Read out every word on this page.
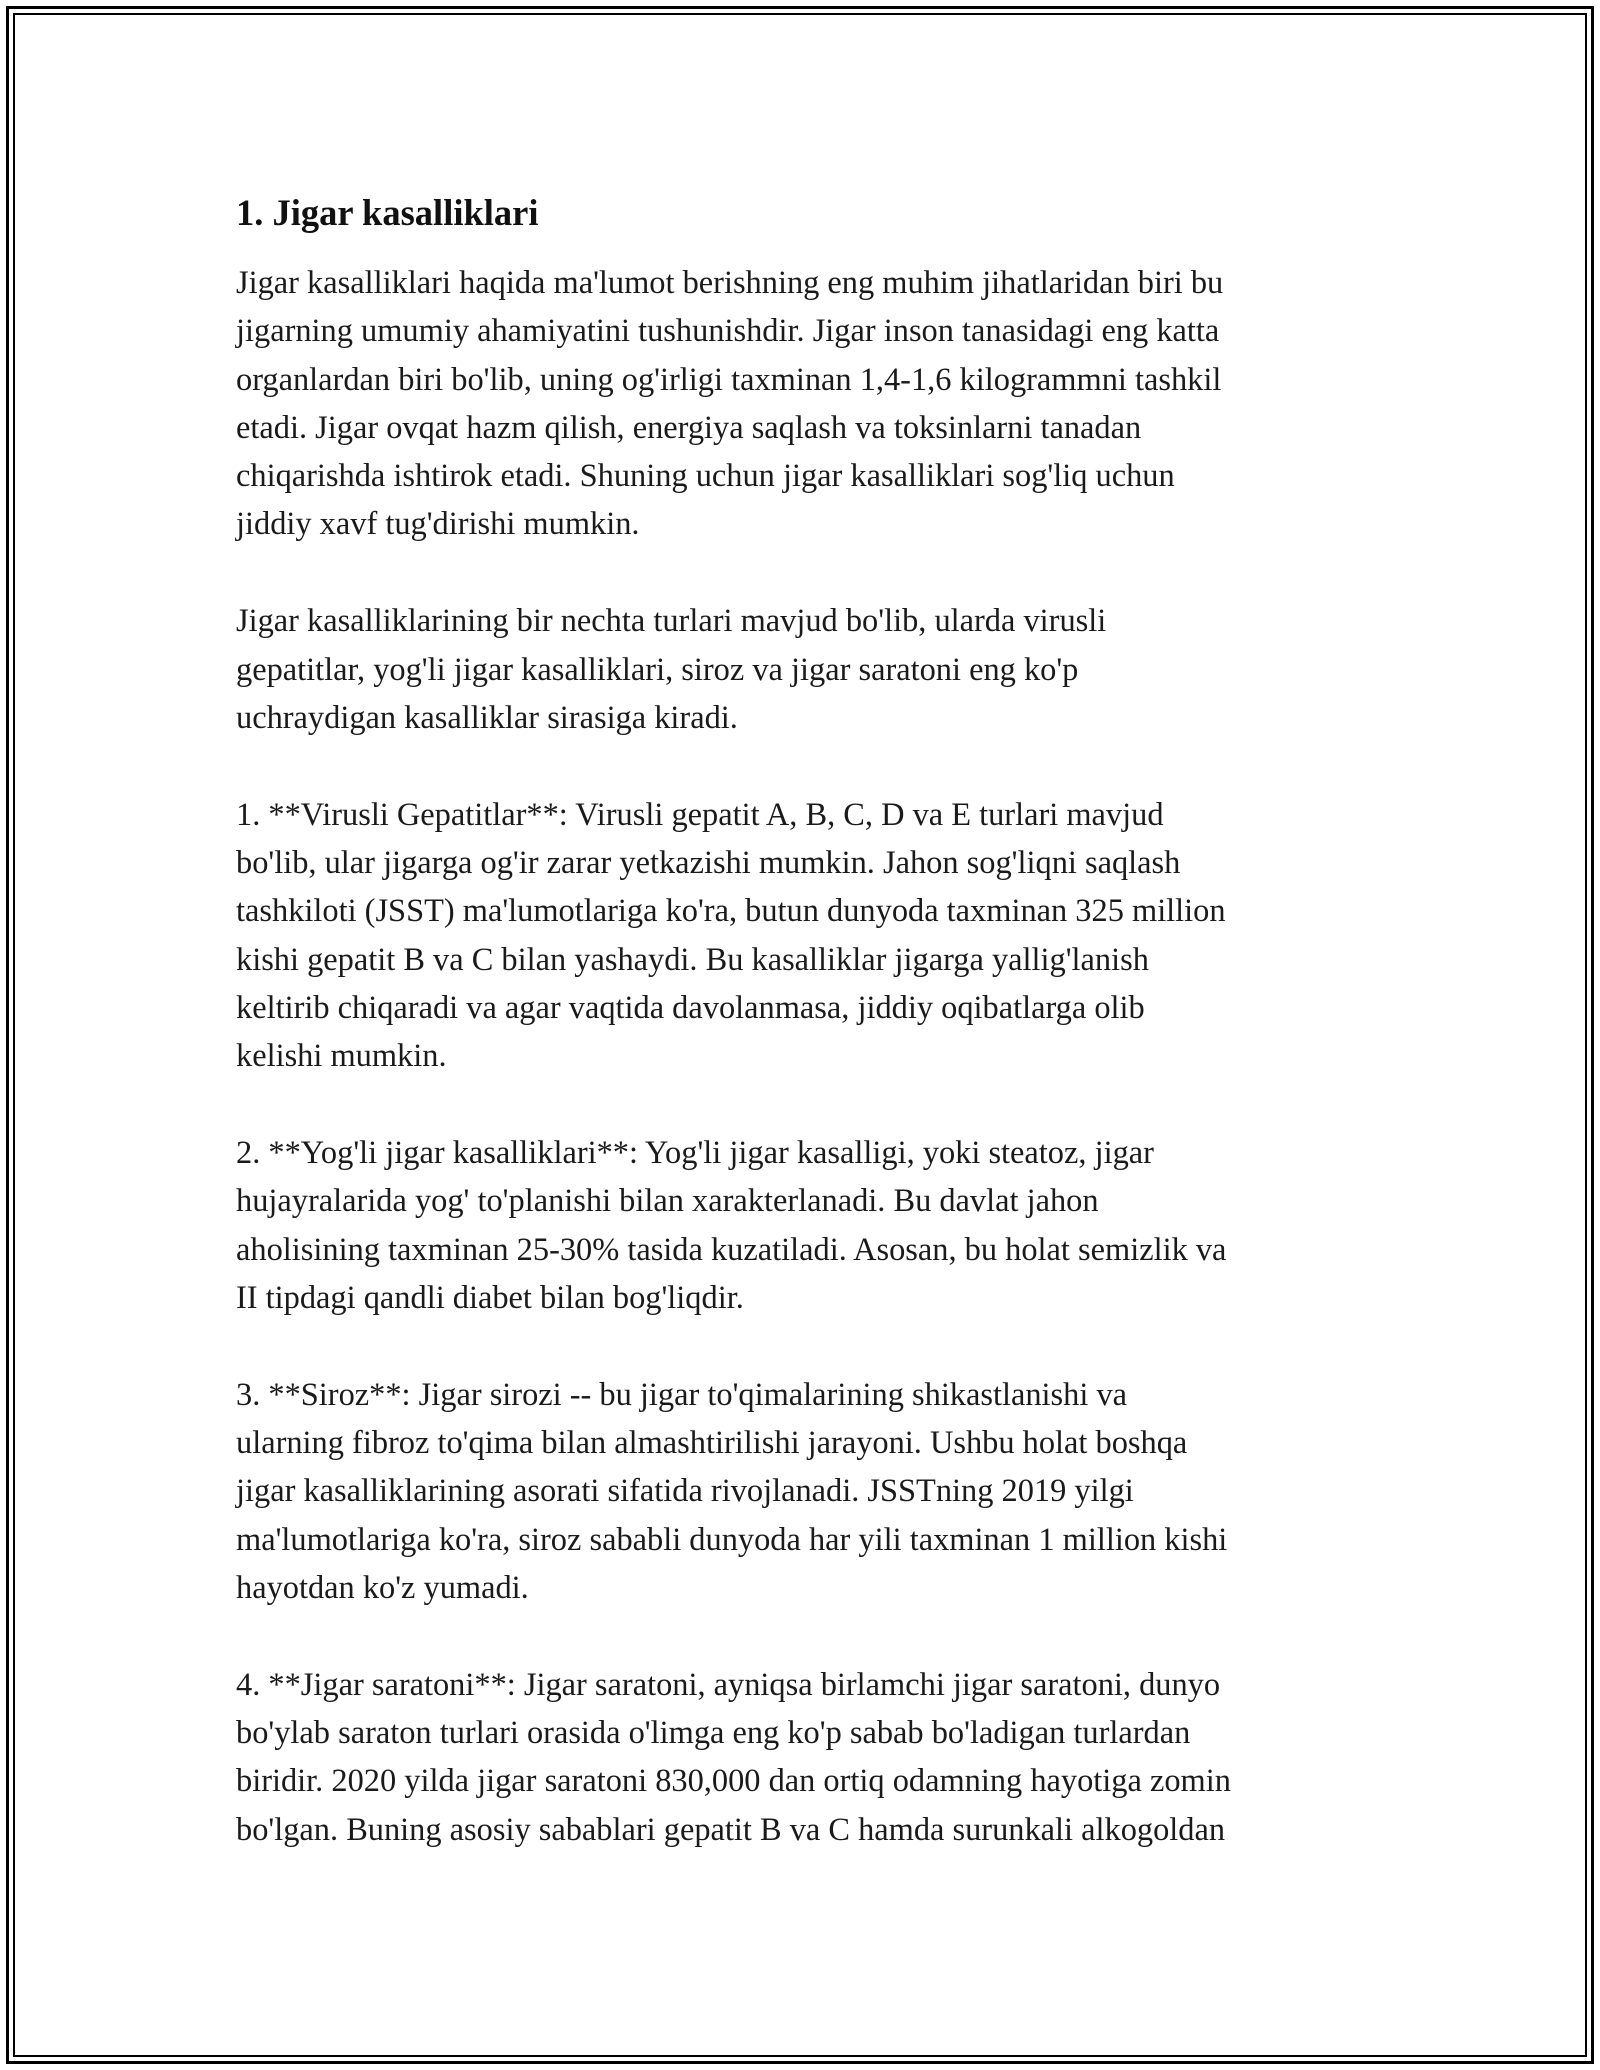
1. Jigar kasalliklari

Jigar kasalliklari haqida ma'lumot berishning eng muhim jihatlaridan biri bu
jigarning umumiy ahamiyatini tushunishdir. Jigar inson tanasidagi eng katta
organlardan biri bo'lib, uning og'irligi taxminan 1,4-1,6 kilogrammni tashkil
etadi. Jigar ovqat hazm qilish, energiya saqlash va toksinlarni tanadan
chiqarishda ishtirok etadi. Shuning uchun jigar kasalliklari sog'liq uchun
jiddiy xavf tug'dirishi mumkin.

Jigar kasalliklarining bir nechta turlari mavjud bo'lib, ularda virusli
gepatitlar, yog'li jigar kasalliklari, siroz va jigar saratoni eng ko'p
uchraydigan kasalliklar sirasiga kiradi.

1. **Virusli Gepatitlar**: Virusli gepatit A, B, C, D va E turlari mavjud
bo'lib, ular jigarga og'ir zarar yetkazishi mumkin. Jahon sog'liqni saqlash
tashkiloti (JSST) ma'lumotlariga ko'ra, butun dunyoda taxminan 325 million
kishi gepatit B va C bilan yashaydi. Bu kasalliklar jigarga yallig'lanish
keltirib chiqaradi va agar vaqtida davolanmasa, jiddiy oqibatlarga olib
kelishi mumkin.

2. **Yog'li jigar kasalliklari**: Yog'li jigar kasalligi, yoki steatoz, jigar
hujayralarida yog' to'planishi bilan xarakterlanadi. Bu davlat jahon
aholisining taxminan 25-30% tasida kuzatiladi. Asosan, bu holat semizlik va
II tipdagi qandli diabet bilan bog'liqdir.

3. **Siroz**: Jigar sirozi -- bu jigar to'qimalarining shikastlanishi va
ularning fibroz to'qima bilan almashtirilishi jarayoni. Ushbu holat boshqa
jigar kasalliklarining asorati sifatida rivojlanadi. JSSTning 2019 yilgi
ma'lumotlariga ko'ra, siroz sababli dunyoda har yili taxminan 1 million kishi
hayotdan ko'z yumadi.

4. **Jigar saratoni**: Jigar saratoni, ayniqsa birlamchi jigar saratoni, dunyo
bo'ylab saraton turlari orasida o'limga eng ko'p sabab bo'ladigan turlardan
biridir. 2020 yilda jigar saratoni 830,000 dan ortiq odamning hayotiga zomin
bo'lgan. Buning asosiy sabablari gepatit B va C hamda surunkali alkogoldan
